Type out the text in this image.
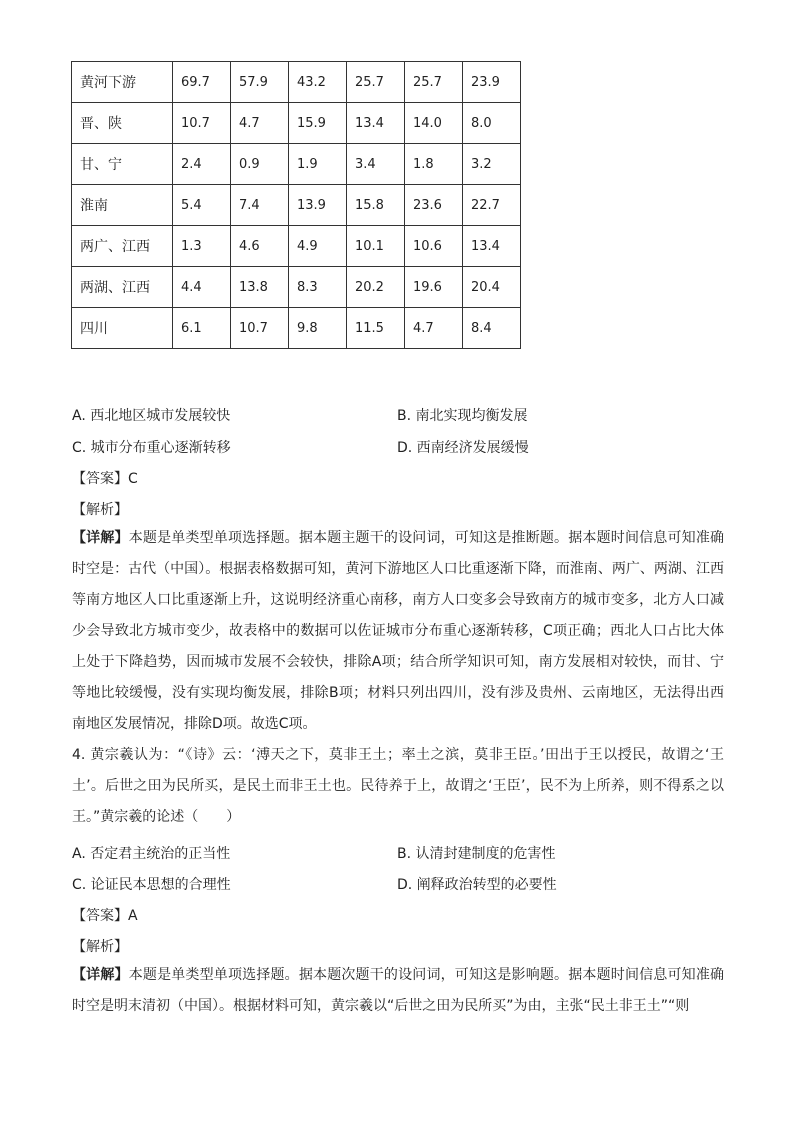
黄河下游	69.7	57.9	43.2	25.7	25.7	23.9
晋、陕	10.7	4.7	15.9	13.4	14.0	8.0
甘、宁	2.4	0.9	1.9	3.4	1.8	3.2
淮南	5.4	7.4	13.9	15.8	23.6	22.7
两广、江西	1.3	4.6	4.9	10.1	10.6	13.4
两湖、江西	4.4	13.8	8.3	20.2	19.6	20.4
四川	6.1	10.7	9.8	11.5	4.7	8.4
A. 西北地区城市发展较快	B. 南北实现均衡发展
C. 城市分布重心逐渐转移	D. 西南经济发展缓慢
【答案】C
【解析】
【详解】本题是单类型单项选择题。据本题主题干的设问词，可知这是推断题。据本题时间信息可知准确时空是：古代（中国）。根据表格数据可知，黄河下游地区人口比重逐渐下降，而淮南、两广、两湖、江西等南方地区人口比重逐渐上升，这说明经济重心南移，南方人口变多会导致南方的城市变多，北方人口减少会导致北方城市变少，故表格中的数据可以佐证城市分布重心逐渐转移，C项正确；西北人口占比大体上处于下降趋势，因而城市发展不会较快，排除A项；结合所学知识可知，南方发展相对较快，而甘、宁等地比较缓慢，没有实现均衡发展，排除B项；材料只列出四川，没有涉及贵州、云南地区，无法得出西南地区发展情况，排除D项。故选C项。
4. 黄宗羲认为：“《诗》云：‘溥天之下，莫非王土；率土之滨，莫非王臣。’田出于王以授民，故谓之‘王土’。后世之田为民所买，是民土而非王土也。民待养于上，故谓之‘王臣’，民不为上所养，则不得系之以王。”黄宗羲的论述（　　）
A. 否定君主统治的正当性	B. 认清封建制度的危害性
C. 论证民本思想的合理性	D. 阐释政治转型的必要性
【答案】A
【解析】
【详解】本题是单类型单项选择题。据本题次题干的设问词，可知这是影响题。据本题时间信息可知准确时空是明末清初（中国）。根据材料可知，黄宗羲以“后世之田为民所买”为由，主张“民土非王土”“则
